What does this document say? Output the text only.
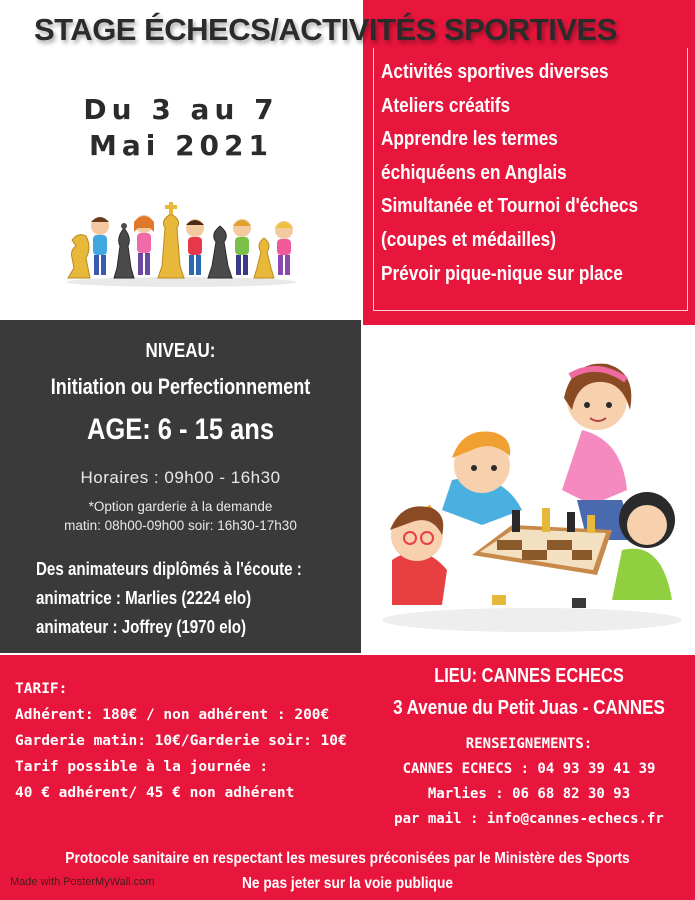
STAGE ÉCHECS/ACTIVITÉS SPORTIVES
Activités sportives diverses
Ateliers créatifs
Apprendre les termes
échiquéens en Anglais
Simultanée et Tournoi d'échecs
(coupes et médailles)
Prévoir pique-nique sur place
Du 3 au 7
Mai 2021
NIVEAU:
Initiation ou Perfectionnement
AGE: 6 - 15 ans
Horaires : 09h00 - 16h30
*Option garderie à la demande
matin: 08h00-09h00 soir: 16h30-17h30
Des animateurs diplômés à l'écoute :
animatrice : Marlies (2224 elo)
animateur : Joffrey (1970 elo)
TARIF:
Adhérent: 180€ / non adhérent : 200€
Garderie matin: 10€/Garderie soir: 10€
Tarif possible à la journée :
40 € adhérent/ 45 € non adhérent
LIEU: CANNES ECHECS
3 Avenue du Petit Juas - CANNES
RENSEIGNEMENTS:
CANNES ECHECS : 04 93 39 41 39
Marlies : 06 68 82 30 93
par mail : info@cannes-echecs.fr
Protocole sanitaire en respectant les mesures préconisées par le Ministère des Sports
Ne pas jeter sur la voie publique
Made with PosterMyWall.com
